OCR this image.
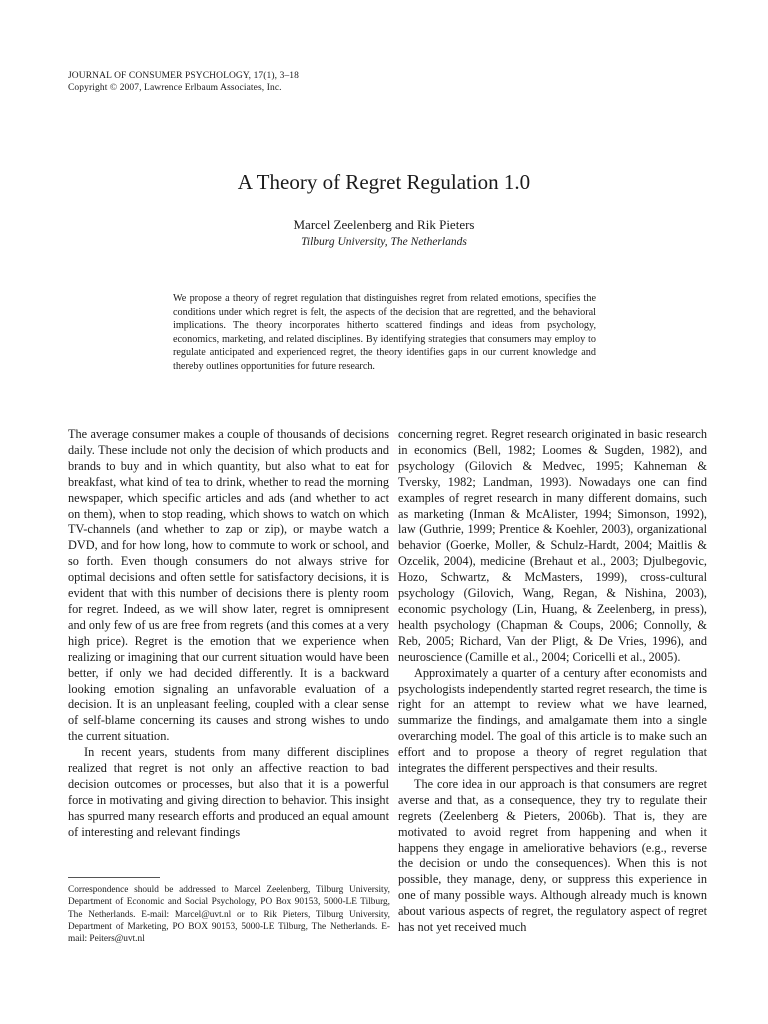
JOURNAL OF CONSUMER PSYCHOLOGY, 17(1), 3–18
Copyright © 2007, Lawrence Erlbaum Associates, Inc.
A Theory of Regret Regulation 1.0
Marcel Zeelenberg and Rik Pieters
Tilburg University, The Netherlands

We propose a theory of regret regulation that distinguishes regret from related emotions, specifies the conditions under which regret is felt, the aspects of the decision that are regretted, and the behavioral implications. The theory incorporates hitherto scattered findings and ideas from psychology, economics, marketing, and related disciplines. By identifying strategies that consumers may employ to regulate anticipated and experienced regret, the theory identifies gaps in our current knowledge and thereby outlines opportunities for future research.

The average consumer makes a couple of thousands of decisions daily. These include not only the decision of which products and brands to buy and in which quantity, but also what to eat for breakfast, what kind of tea to drink, whether to read the morning newspaper, which specific articles and ads (and whether to act on them), when to stop reading, which shows to watch on which TV-channels (and whether to zap or zip), or maybe watch a DVD, and for how long, how to commute to work or school, and so forth. Even though consumers do not always strive for optimal decisions and often settle for satisfactory decisions, it is evident that with this number of decisions there is plenty room for regret. Indeed, as we will show later, regret is omnipresent and only few of us are free from regrets (and this comes at a very high price). Regret is the emotion that we experience when realizing or imagining that our current situation would have been better, if only we had decided differently. It is a backward looking emotion signaling an unfavorable evaluation of a decision. It is an unpleasant feeling, coupled with a clear sense of self-blame concerning its causes and strong wishes to undo the current situation.

In recent years, students from many different disciplines realized that regret is not only an affective reaction to bad decision outcomes or processes, but also that it is a powerful force in motivating and giving direction to behavior. This insight has spurred many research efforts and produced an equal amount of interesting and relevant findings

concerning regret. Regret research originated in basic research in economics (Bell, 1982; Loomes & Sugden, 1982), and psychology (Gilovich & Medvec, 1995; Kahneman & Tversky, 1982; Landman, 1993). Nowadays one can find examples of regret research in many different domains, such as marketing (Inman & McAlister, 1994; Simonson, 1992), law (Guthrie, 1999; Prentice & Koehler, 2003), organizational behavior (Goerke, Moller, & Schulz-Hardt, 2004; Maitlis & Ozcelik, 2004), medicine (Brehaut et al., 2003; Djulbegovic, Hozo, Schwartz, & McMasters, 1999), cross-cultural psychology (Gilovich, Wang, Regan, & Nishina, 2003), economic psychology (Lin, Huang, & Zeelenberg, in press), health psychology (Chapman & Coups, 2006; Connolly, & Reb, 2005; Richard, Van der Pligt, & De Vries, 1996), and neuroscience (Camille et al., 2004; Coricelli et al., 2005).

Approximately a quarter of a century after economists and psychologists independently started regret research, the time is right for an attempt to review what we have learned, summarize the findings, and amalgamate them into a single overarching model. The goal of this article is to make such an effort and to propose a theory of regret regulation that integrates the different perspectives and their results.

The core idea in our approach is that consumers are regret averse and that, as a consequence, they try to regulate their regrets (Zeelenberg & Pieters, 2006b). That is, they are motivated to avoid regret from happening and when it happens they engage in ameliorative behaviors (e.g., reverse the decision or undo the consequences). When this is not possible, they manage, deny, or suppress this experience in one of many possible ways. Although already much is known about various aspects of regret, the regulatory aspect of regret has not yet received much

Correspondence should be addressed to Marcel Zeelenberg, Tilburg University, Department of Economic and Social Psychology, PO Box 90153, 5000-LE Tilburg, The Netherlands. E-mail: Marcel@uvt.nl or to Rik Pieters, Tilburg University, Department of Marketing, PO BOX 90153, 5000-LE Tilburg, The Netherlands. E-mail: Peiters@uvt.nl
